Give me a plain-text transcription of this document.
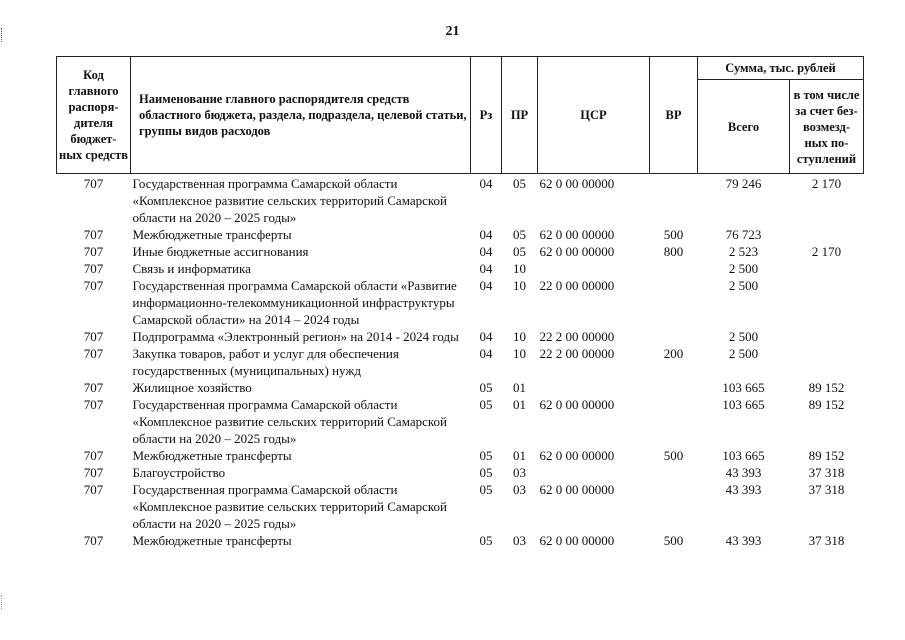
21
Код главного распоря-дителя бюджет-ных средств	Наименование главного распорядителя средств областного бюджета, раздела, подраздела, целевой статьи, группы видов расходов	Рз	ПР	ЦСР	ВР	Сумма, тыс. рублей	
						Всего	в том числе за счет без-возмезд-ных по-ступлений
707	Государственная программа Самарской области «Комплексное развитие сельских территорий Самарской области на 2020 – 2025 годы»	04	05	62 0 00 00000		79 246	2 170
707	Межбюджетные трансферты	04	05	62 0 00 00000	500	76 723	
707	Иные бюджетные ассигнования	04	05	62 0 00 00000	800	2 523	2 170
707	Связь и информатика	04	10			2 500	
707	Государственная программа Самарской области «Развитие информационно-телекоммуникационной инфраструктуры Самарской области» на 2014 – 2024 годы	04	10	22 0 00 00000		2 500	
707	Подпрограмма «Электронный регион» на 2014 - 2024 годы	04	10	22 2 00 00000		2 500	
707	Закупка товаров, работ и услуг для обеспечения государственных (муниципальных) нужд	04	10	22 2 00 00000	200	2 500	
707	Жилищное хозяйство	05	01			103 665	89 152
707	Государственная программа Самарской области «Комплексное развитие сельских территорий Самарской области на 2020 – 2025 годы»	05	01	62 0 00 00000		103 665	89 152
707	Межбюджетные трансферты	05	01	62 0 00 00000	500	103 665	89 152
707	Благоустройство	05	03			43 393	37 318
707	Государственная программа Самарской области «Комплексное развитие сельских территорий Самарской области на 2020 – 2025 годы»	05	03	62 0 00 00000		43 393	37 318
707	Межбюджетные трансферты	05	03	62 0 00 00000	500	43 393	37 318
